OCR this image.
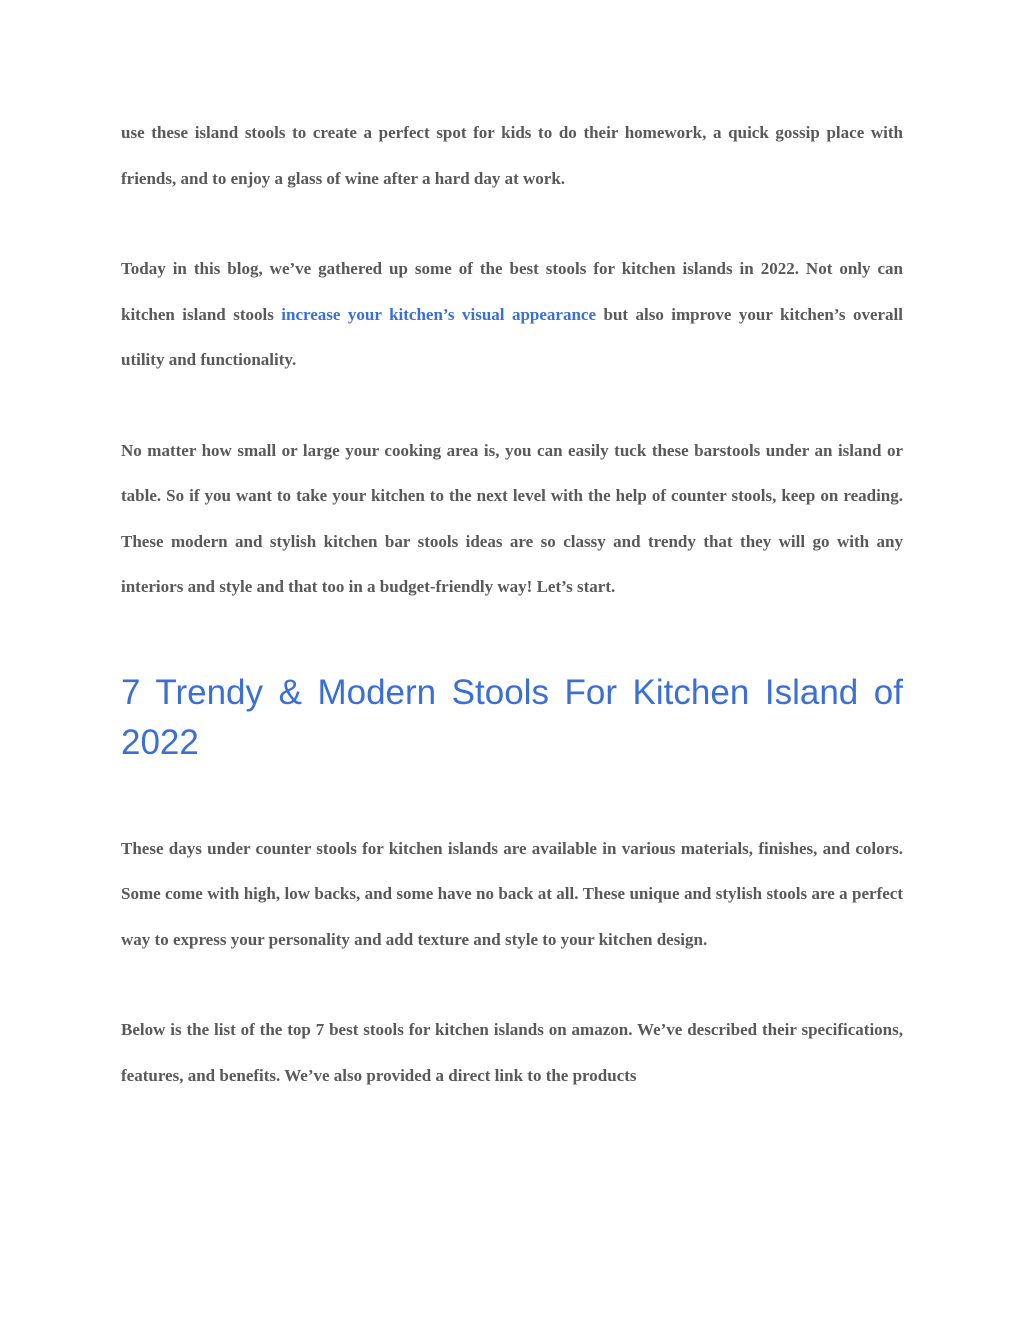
use these island stools to create a perfect spot for kids to do their homework, a quick gossip place with friends, and to enjoy a glass of wine after a hard day at work.

Today in this blog, we’ve gathered up some of the best stools for kitchen islands in 2022. Not only can kitchen island stools increase your kitchen’s visual appearance but also improve your kitchen’s overall utility and functionality.

No matter how small or large your cooking area is, you can easily tuck these barstools under an island or table. So if you want to take your kitchen to the next level with the help of counter stools, keep on reading. These modern and stylish kitchen bar stools ideas are so classy and trendy that they will go with any interiors and style and that too in a budget-friendly way! Let’s start.

7 Trendy & Modern Stools For Kitchen Island of 2022

These days under counter stools for kitchen islands are available in various materials, finishes, and colors. Some come with high, low backs, and some have no back at all. These unique and stylish stools are a perfect way to express your personality and add texture and style to your kitchen design.

Below is the list of the top 7 best stools for kitchen islands on amazon. We’ve described their specifications, features, and benefits. We’ve also provided a direct link to the products
